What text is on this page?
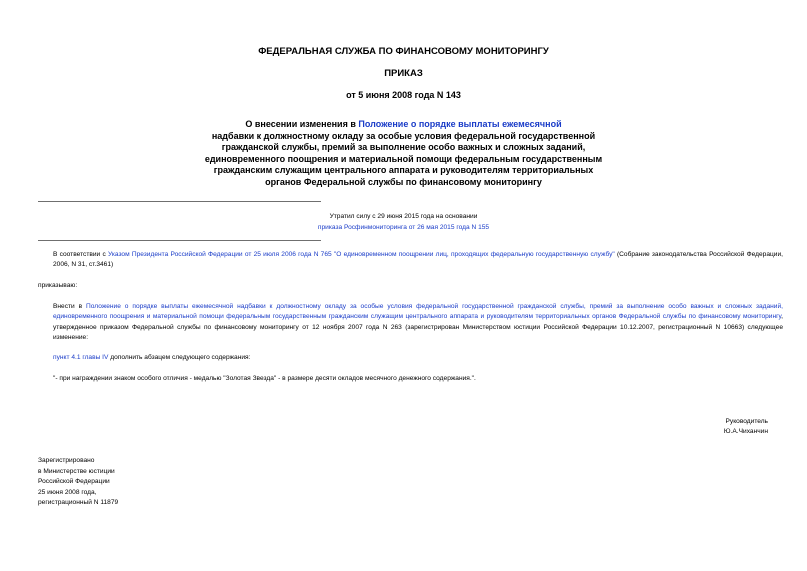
ФЕДЕРАЛЬНАЯ СЛУЖБА ПО ФИНАНСОВОМУ МОНИТОРИНГУ
ПРИКАЗ
от 5 июня 2008 года N 143
О внесении изменения в Положение о порядке выплаты ежемесячной
надбавки к должностному окладу за особые условия федеральной государственной
гражданской службы, премий за выполнение особо важных и сложных заданий,
единовременного поощрения и материальной помощи федеральным государственным
гражданским служащим центрального аппарата и руководителям территориальных
органов Федеральной службы по финансовому мониторингу
Утратил силу с 29 июня 2015 года на основании
приказа Росфинмониторинга от 26 мая 2015 года N 155
В соответствии с Указом Президента Российской Федерации от 25 июля 2006 года N 765 "О единовременном поощрении лиц, проходящих федеральную государственную службу" (Собрание законодательства Российской Федерации, 2006, N 31, ст.3461)
приказываю:
Внести в Положение о порядке выплаты ежемесячной надбавки к должностному окладу за особые условия федеральной государственной гражданской службы, премий за выполнение особо важных и сложных заданий, единовременного поощрения и материальной помощи федеральным государственным гражданским служащим центрального аппарата и руководителям территориальных органов Федеральной службы по финансовому мониторингу, утвержденное приказом Федеральной службы по финансовому мониторингу от 12 ноября 2007 года N 263 (зарегистрирован Министерством юстиции Российской Федерации 10.12.2007, регистрационный N 10663) следующее изменение:
пункт 4.1 главы IV дополнить абзацем следующего содержания:
"- при награждении знаком особого отличия - медалью "Золотая Звезда" - в размере десяти окладов месячного денежного содержания.".
Руководитель
Ю.А.Чиханчин
Зарегистрировано
в Министерстве юстиции
Российской Федерации
25 июня 2008 года,
регистрационный N 11879
